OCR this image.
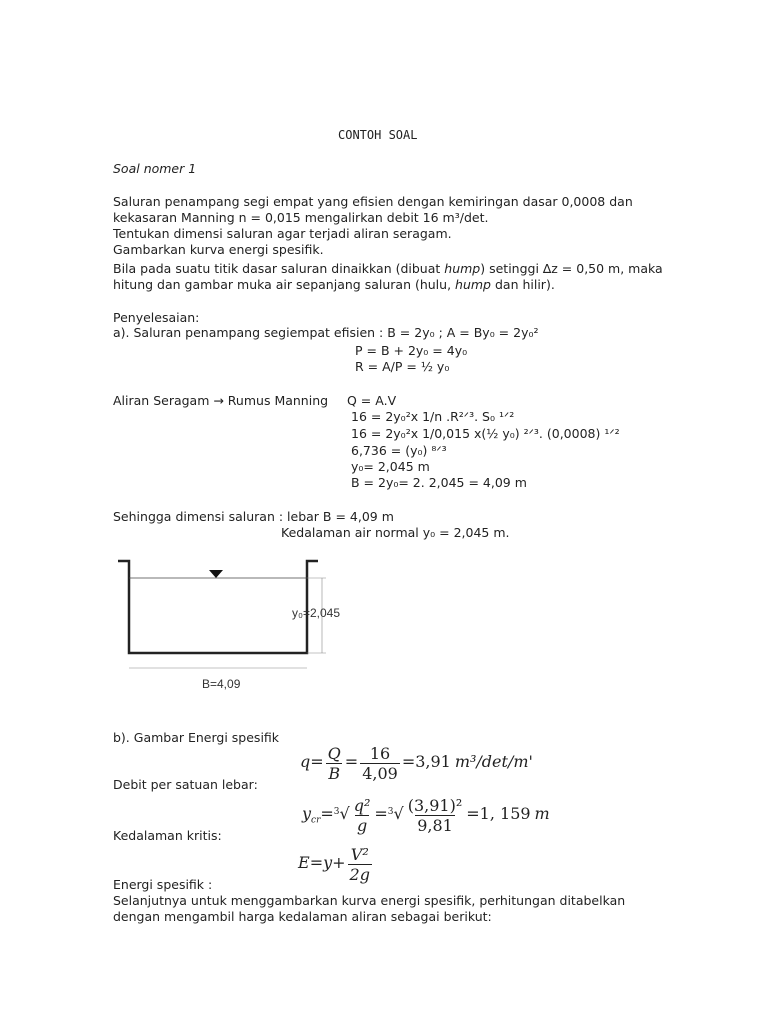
CONTOH SOAL
Soal nomer 1
Saluran penampang segi empat yang efisien dengan kemiringan dasar 0,0008 dan
kekasaran Manning n = 0,015 mengalirkan debit 16 m³/det.
Tentukan dimensi saluran agar terjadi aliran seragam.
Gambarkan kurva energi spesifik.
Bila pada suatu titik dasar saluran dinaikkan (dibuat hump) setinggi ∆z = 0,50 m, maka
hitung dan gambar muka air sepanjang saluran (hulu, hump dan hilir).
Penyelesaian:
a). Saluran penampang segiempat efisien : B = 2y₀ ; A = By₀ = 2y₀²
P = B + 2y₀ = 4y₀
R = A/P = ½ y₀
Aliran Seragam → Rumus Manning Q = A.V
16 = 2y₀²x 1/n .R²ᐟ³. S₀ ¹ᐟ²
16 = 2y₀²x 1/0,015 x(½ y₀) ²ᐟ³. (0,0008) ¹ᐟ²
6,736 = (y₀) ⁸ᐟ³
y₀= 2,045 m
B = 2y₀= 2. 2,045 = 4,09 m
Sehingga dimensi saluran : lebar B = 4,09 m
Kedalaman air normal y₀ = 2,045 m.
y₀=2,045
B=4,09
b). Gambar Energi spesifik
$q= \frac{Q}{B} = \frac{16}{4,09} =3,91$ m³/det/m'
Debit per satuan lebar:
$y_{cr}=^3√ \frac{\text{q²}}{g} =^3√ \frac{\text{(3,91)²}}{9,81} =1$, 159 m
Kedalaman kritis:
$E=y+ \frac{\text{V²}}{2g}$
Energi spesifik :
Selanjutnya untuk menggambarkan kurva energi spesifik, perhitungan ditabelkan
dengan mengambil harga kedalaman aliran sebagai berikut:
